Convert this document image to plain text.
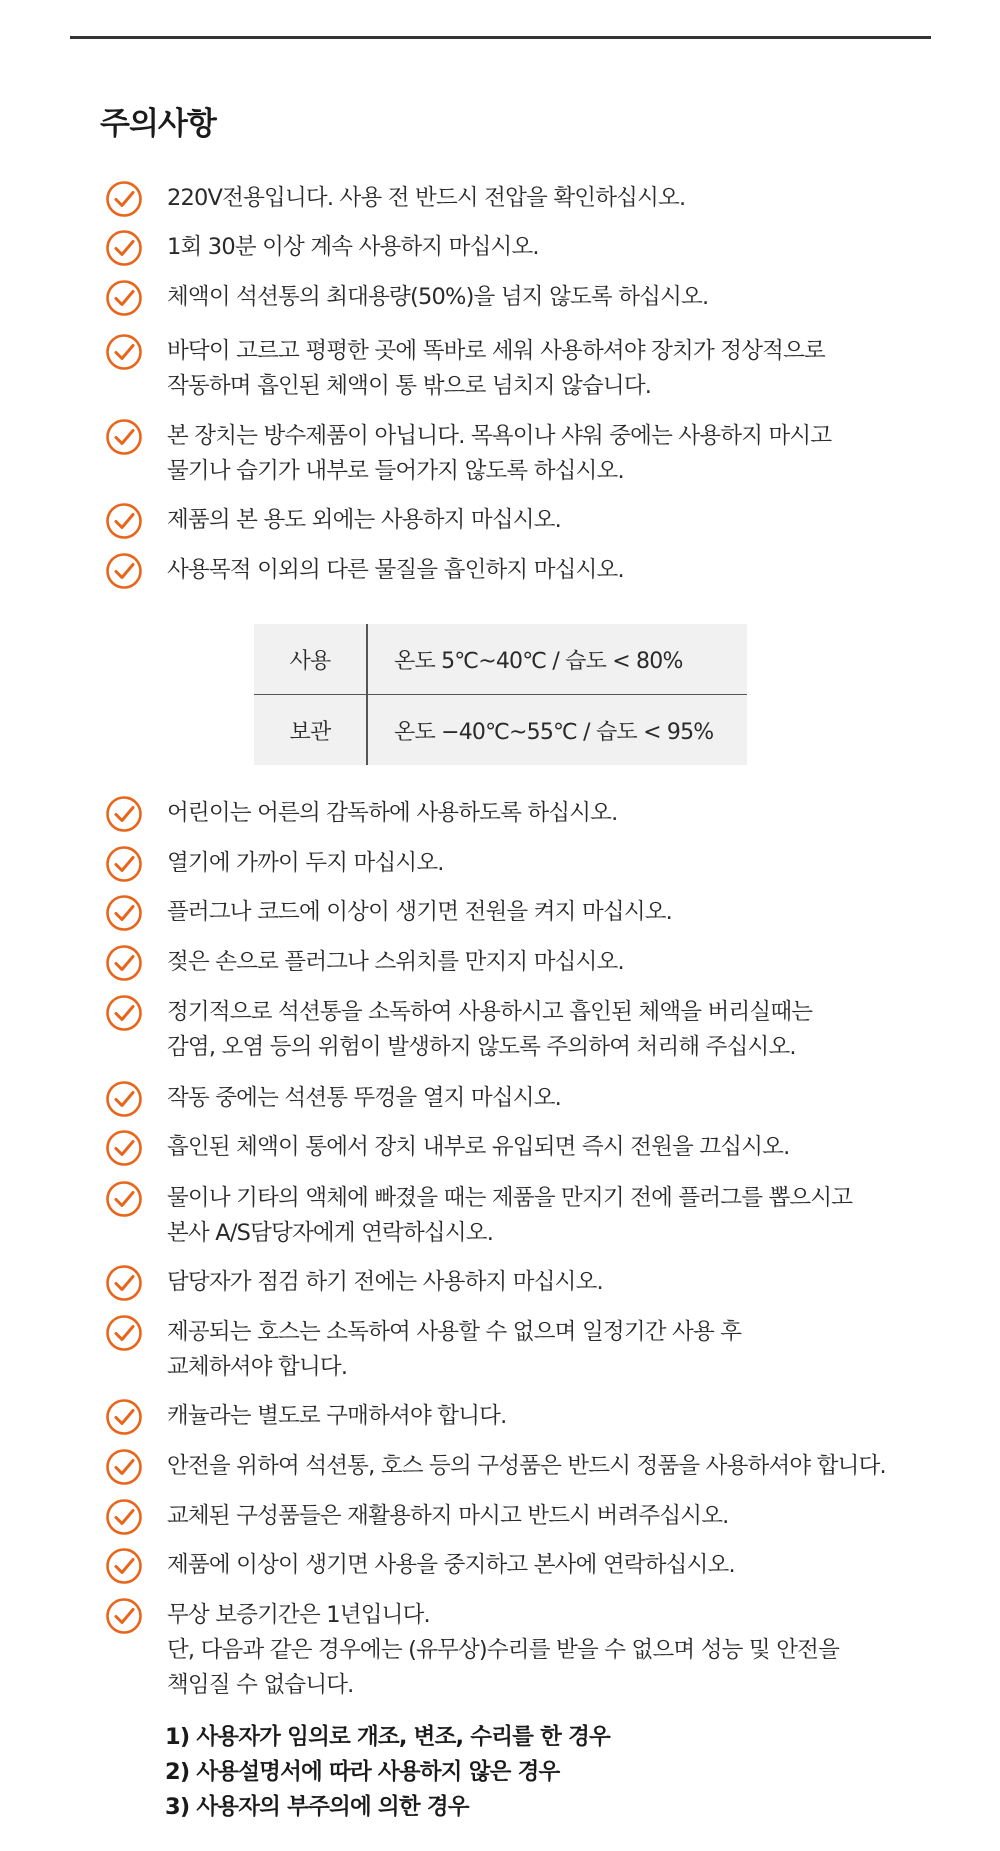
주의사항
220V전용입니다. 사용 전 반드시 전압을 확인하십시오.
1회 30분 이상 계속 사용하지 마십시오.
체액이 석션통의 최대용량(50%)을 넘지 않도록 하십시오.
바닥이 고르고 평평한 곳에 똑바로 세워 사용하셔야 장치가 정상적으로
작동하며 흡인된 체액이 통 밖으로 넘치지 않습니다.
본 장치는 방수제품이 아닙니다. 목욕이나 샤워 중에는 사용하지 마시고
물기나 습기가 내부로 들어가지 않도록 하십시오.
제품의 본 용도 외에는 사용하지 마십시오.
사용목적 이외의 다른 물질을 흡인하지 마십시오.
어린이는 어른의 감독하에 사용하도록 하십시오.
열기에 가까이 두지 마십시오.
플러그나 코드에 이상이 생기면 전원을 켜지 마십시오.
젖은 손으로 플러그나 스위치를 만지지 마십시오.
정기적으로 석션통을 소독하여 사용하시고 흡인된 체액을 버리실때는
감염, 오염 등의 위험이 발생하지 않도록 주의하여 처리해 주십시오.
작동 중에는 석션통 뚜껑을 열지 마십시오.
흡인된 체액이 통에서 장치 내부로 유입되면 즉시 전원을 끄십시오.
물이나 기타의 액체에 빠졌을 때는 제품을 만지기 전에 플러그를 뽑으시고
본사 A/S담당자에게 연락하십시오.
담당자가 점검 하기 전에는 사용하지 마십시오.
제공되는 호스는 소독하여 사용할 수 없으며 일정기간 사용 후
교체하셔야 합니다.
캐뉼라는 별도로 구매하셔야 합니다.
안전을 위하여 석션통, 호스 등의 구성품은 반드시 정품을 사용하셔야 합니다.
교체된 구성품들은 재활용하지 마시고 반드시 버려주십시오.
제품에 이상이 생기면 사용을 중지하고 본사에 연락하십시오.
무상 보증기간은 1년입니다.
단, 다음과 같은 경우에는 (유무상)수리를 받을 수 없으며 성능 및 안전을
책임질 수 없습니다.
사용	온도 5℃~40℃ / 습도 < 80%
보관	온도 −40℃~55℃ / 습도 < 95%
1) 사용자가 임의로 개조, 변조, 수리를 한 경우
2) 사용설명서에 따라 사용하지 않은 경우
3) 사용자의 부주의에 의한 경우
